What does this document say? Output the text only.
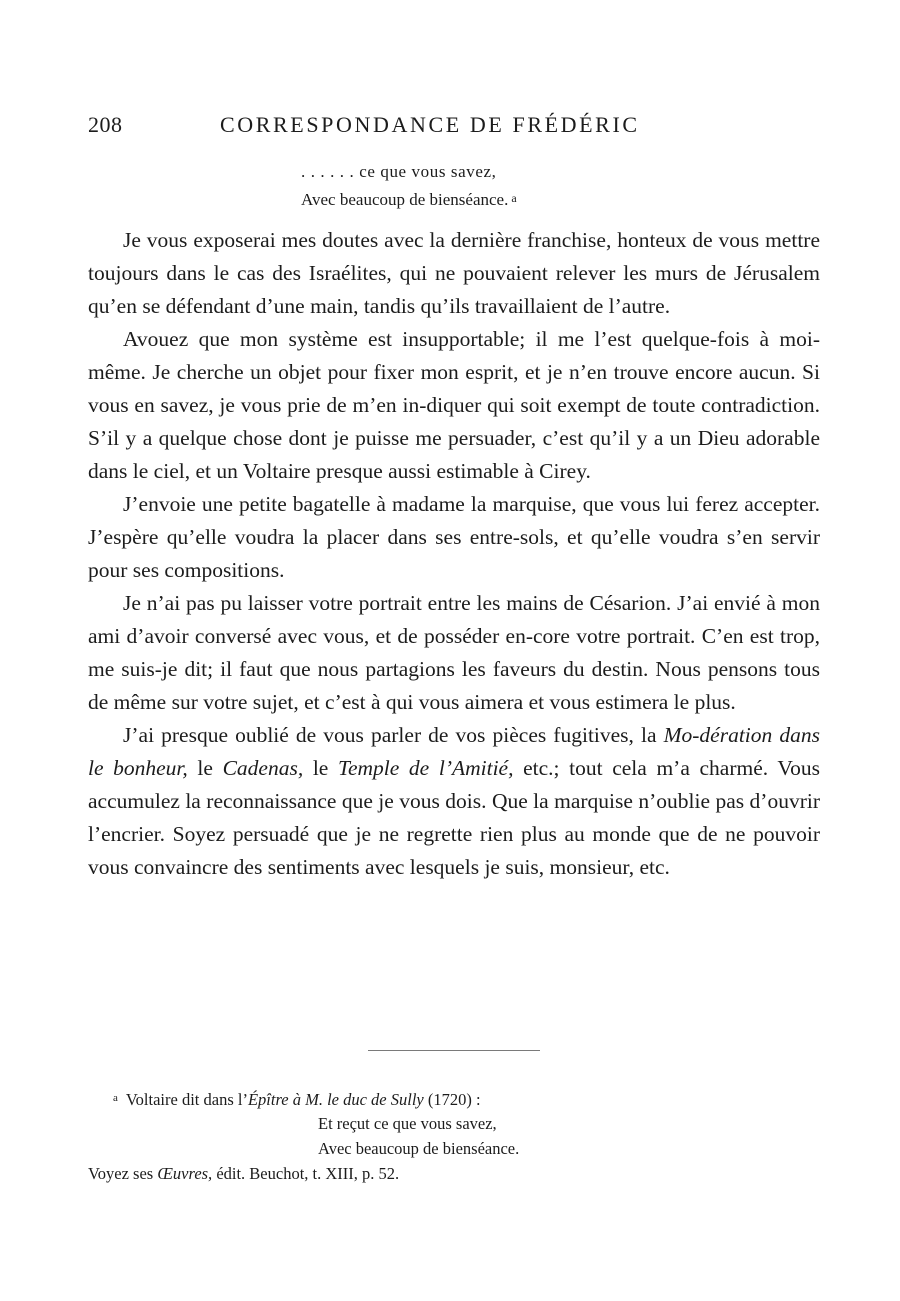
208	CORRESPONDANCE DE FRÉDÉRIC
. . . . . . ce que vous savez,
Avec beaucoup de bienséance. a

Je vous exposerai mes doutes avec la dernière franchise, honteux de vous mettre toujours dans le cas des Israélites, qui ne pouvaient relever les murs de Jérusalem qu’en se défendant d’une main, tandis qu’ils travaillaient de l’autre.

Avouez que mon système est insupportable; il me l’est quelque-fois à moi-même. Je cherche un objet pour fixer mon esprit, et je n’en trouve encore aucun. Si vous en savez, je vous prie de m’en in-diquer qui soit exempt de toute contradiction. S’il y a quelque chose dont je puisse me persuader, c’est qu’il y a un Dieu adorable dans le ciel, et un Voltaire presque aussi estimable à Cirey.

J’envoie une petite bagatelle à madame la marquise, que vous lui ferez accepter. J’espère qu’elle voudra la placer dans ses entre-sols, et qu’elle voudra s’en servir pour ses compositions.

Je n’ai pas pu laisser votre portrait entre les mains de Césarion. J’ai envié à mon ami d’avoir conversé avec vous, et de posséder en-core votre portrait. C’en est trop, me suis-je dit; il faut que nous partagions les faveurs du destin. Nous pensons tous de même sur votre sujet, et c’est à qui vous aimera et vous estimera le plus.

J’ai presque oublié de vous parler de vos pièces fugitives, la Mo-dération dans le bonheur, le Cadenas, le Temple de l’Amitié, etc.; tout cela m’a charmé. Vous accumulez la reconnaissance que je vous dois. Que la marquise n’oublie pas d’ouvrir l’encrier. Soyez persuadé que je ne regrette rien plus au monde que de ne pouvoir vous convaincre des sentiments avec lesquels je suis, monsieur, etc.

$^a$ Voltaire dit dans l’Épître à M. le duc de Sully (1720) :
Et reçut ce que vous savez,
Avec beaucoup de bienséance.
Voyez ses Œuvres, édit. Beuchot, t. XIII, p. 52.
